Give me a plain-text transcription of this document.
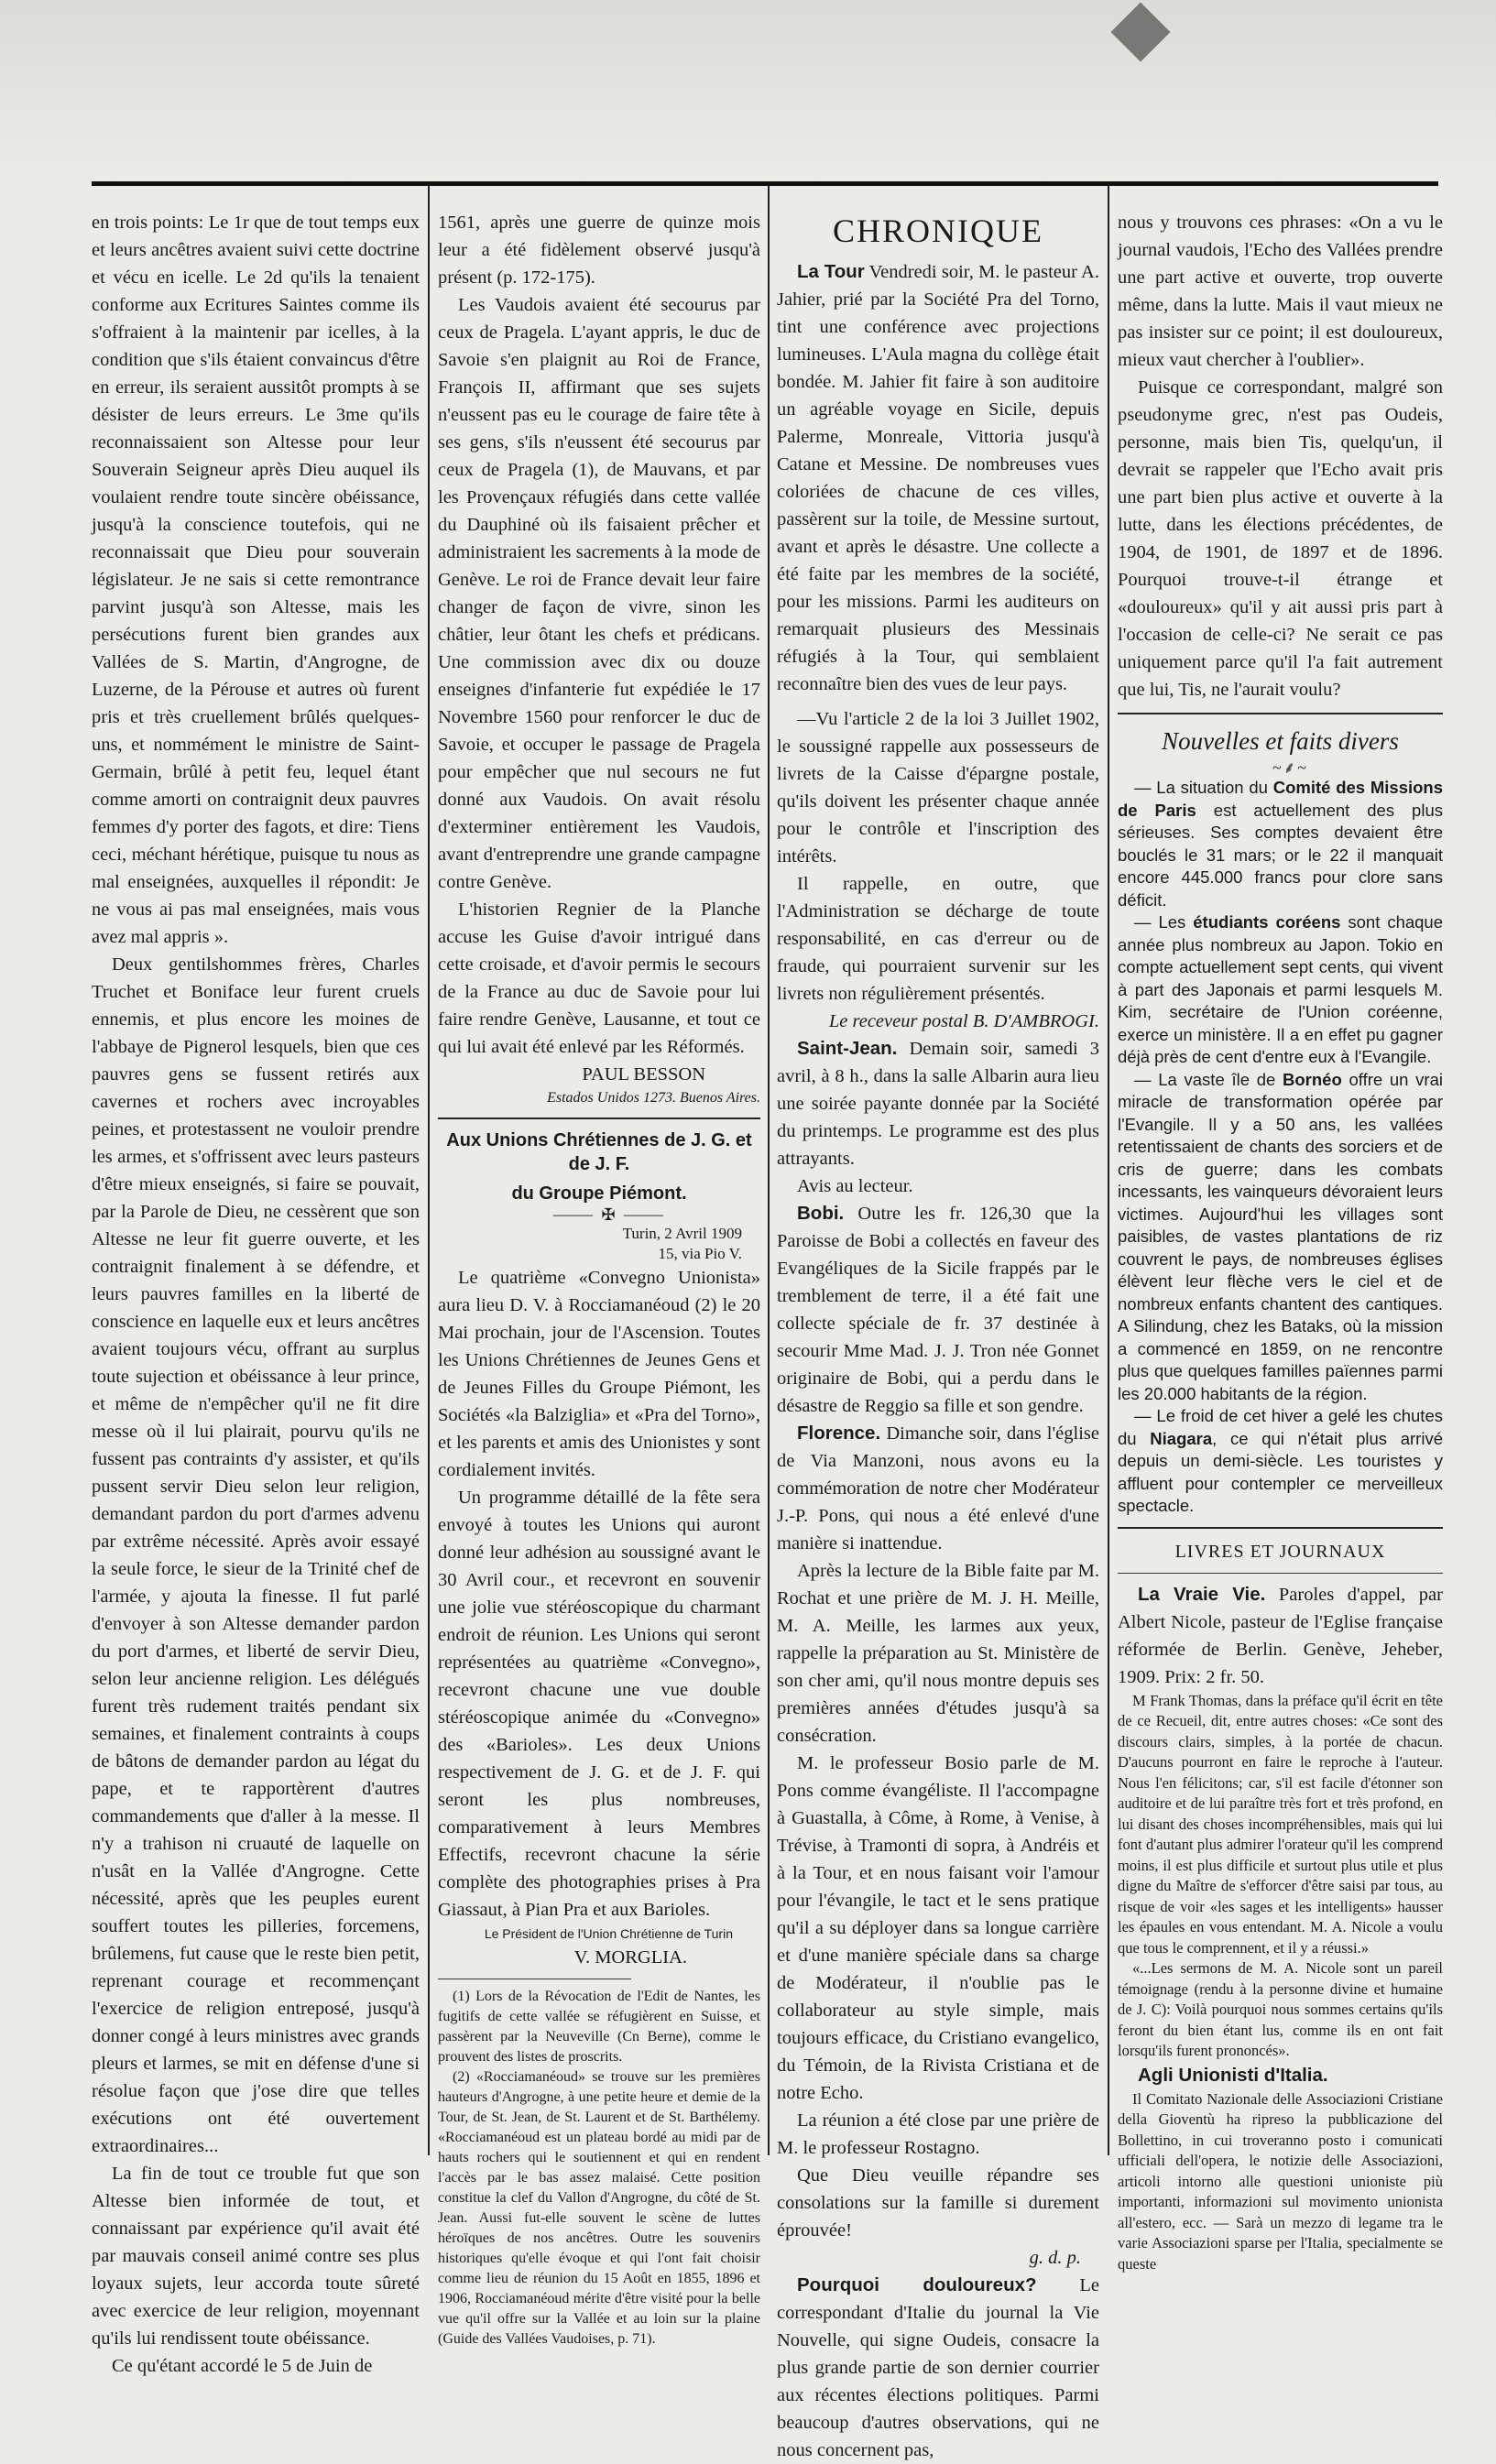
en trois points: Le 1r que de tout temps eux et leurs ancêtres avaient suivi cette doctrine et vécu en icelle. Le 2d qu'ils la tenaient conforme aux Ecritures Saintes comme ils s'offraient à la maintenir par icelles, à la condition que s'ils étaient convaincus d'être en erreur, ils seraient aussitôt prompts à se désister de leurs erreurs. Le 3me qu'ils reconnaissaient son Altesse pour leur Souverain Seigneur après Dieu auquel ils voulaient rendre toute sincère obéissance, jusqu'à la conscience toutefois, qui ne reconnaissait que Dieu pour souverain législateur. Je ne sais si cette remontrance parvint jusqu'à son Altesse, mais les persécutions furent bien grandes aux Vallées de S. Martin, d'Angrogne, de Luzerne, de la Pérouse et autres où furent pris et très cruellement brûlés quelques-uns, et nommément le ministre de Saint-Germain, brûlé à petit feu, lequel étant comme amorti on contraignit deux pauvres femmes d'y porter des fagots, et dire: Tiens ceci, méchant hérétique, puisque tu nous as mal enseignées, auxquelles il répondit: Je ne vous ai pas mal enseignées, mais vous avez mal appris ».

Deux gentilshommes frères, Charles Truchet et Boniface leur furent cruels ennemis, et plus encore les moines de l'abbaye de Pignerol lesquels, bien que ces pauvres gens se fussent retirés aux cavernes et rochers avec incroyables peines, et protestassent ne vouloir prendre les armes, et s'offrissent avec leurs pasteurs d'être mieux enseignés, si faire se pouvait, par la Parole de Dieu, ne cessèrent que son Altesse ne leur fit guerre ouverte, et les contraignit finalement à se défendre, et leurs pauvres familles en la liberté de conscience en laquelle eux et leurs ancêtres avaient toujours vécu, offrant au surplus toute sujection et obéissance à leur prince, et même de n'empêcher qu'il ne fit dire messe où il lui plairait, pourvu qu'ils ne fussent pas contraints d'y assister, et qu'ils pussent servir Dieu selon leur religion, demandant pardon du port d'armes advenu par extrême nécessité. Après avoir essayé la seule force, le sieur de la Trinité chef de l'armée, y ajouta la finesse. Il fut parlé d'envoyer à son Altesse demander pardon du port d'armes, et liberté de servir Dieu, selon leur ancienne religion. Les délégués furent très rudement traités pendant six semaines, et finalement contraints à coups de bâtons de demander pardon au légat du pape, et te rapportèrent d'autres commandements que d'aller à la messe. Il n'y a trahison ni cruauté de laquelle on n'usât en la Vallée d'Angrogne. Cette nécessité, après que les peuples eurent souffert toutes les pilleries, forcemens, brûlemens, fut cause que le reste bien petit, reprenant courage et recommençant l'exercice de religion entreposé, jusqu'à donner congé à leurs ministres avec grands pleurs et larmes, se mit en défense d'une si résolue façon que j'ose dire que telles exécutions ont été ouvertement extraordinaires...

La fin de tout ce trouble fut que son Altesse bien informée de tout, et connaissant par expérience qu'il avait été par mauvais conseil animé contre ses plus loyaux sujets, leur accorda toute sûreté avec exercice de leur religion, moyennant qu'ils lui rendissent toute obéissance.

Ce qu'étant accordé le 5 de Juin de

1561, après une guerre de quinze mois leur a été fidèlement observé jusqu'à présent (p. 172-175).

Les Vaudois avaient été secourus par ceux de Pragela. L'ayant appris, le duc de Savoie s'en plaignit au Roi de France, François II, affirmant que ses sujets n'eussent pas eu le courage de faire tête à ses gens, s'ils n'eussent été secourus par ceux de Pragela (1), de Mauvans, et par les Provençaux réfugiés dans cette vallée du Dauphiné où ils faisaient prêcher et administraient les sacrements à la mode de Genève. Le roi de France devait leur faire changer de façon de vivre, sinon les châtier, leur ôtant les chefs et prédicans. Une commission avec dix ou douze enseignes d'infanterie fut expédiée le 17 Novembre 1560 pour renforcer le duc de Savoie, et occuper le passage de Pragela pour empêcher que nul secours ne fut donné aux Vaudois. On avait résolu d'exterminer entièrement les Vaudois, avant d'entreprendre une grande campagne contre Genève.

L'historien Regnier de la Planche accuse les Guise d'avoir intrigué dans cette croisade, et d'avoir permis le secours de la France au duc de Savoie pour lui faire rendre Genève, Lausanne, et tout ce qui lui avait été enlevé par les Réformés.

PAUL BESSON

Estados Unidos 1273. Buenos Aires.

Aux Unions Chrétiennes de J. G. et de J. F.

du Groupe Piémont.

⸻ ✠ ⸻

Turin, 2 Avril 1909

15, via Pio V.

Le quatrième «Convegno Unionista» aura lieu D. V. à Rocciamanéoud (2) le 20 Mai prochain, jour de l'Ascension. Toutes les Unions Chrétiennes de Jeunes Gens et de Jeunes Filles du Groupe Piémont, les Sociétés «la Balziglia» et «Pra del Torno», et les parents et amis des Unionistes y sont cordialement invités.

Un programme détaillé de la fête sera envoyé à toutes les Unions qui auront donné leur adhésion au soussigné avant le 30 Avril cour., et recevront en souvenir une jolie vue stéréoscopique du charmant endroit de réunion. Les Unions qui seront représentées au quatrième «Convegno», recevront chacune une vue double stéréoscopique animée du «Convegno» des «Barioles». Les deux Unions respectivement de J. G. et de J. F. qui seront les plus nombreuses, comparativement à leurs Membres Effectifs, recevront chacune la série complète des photographies prises à Pra Giassaut, à Pian Pra et aux Barioles.

Le Président de l'Union Chrétienne de Turin

V. MORGLIA.

(1) Lors de la Révocation de l'Edit de Nantes, les fugitifs de cette vallée se réfugièrent en Suisse, et passèrent par la Neuveville (Cn Berne), comme le prouvent des listes de proscrits.

(2) «Rocciamanéoud» se trouve sur les premières hauteurs d'Angrogne, à une petite heure et demie de la Tour, de St. Jean, de St. Laurent et de St. Barthélemy. «Rocciamanéoud est un plateau bordé au midi par de hauts rochers qui le soutiennent et qui en rendent l'accès par le bas assez malaisé. Cette position constitue la clef du Vallon d'Angrogne, du côté de St. Jean. Aussi fut-elle souvent le scène de luttes héroïques de nos ancêtres. Outre les souvenirs historiques qu'elle évoque et qui l'ont fait choisir comme lieu de réunion du 15 Août en 1855, 1896 et 1906, Rocciamanéoud mérite d'être visité pour la belle vue qu'il offre sur la Vallée et au loin sur la plaine (Guide des Vallées Vaudoises, p. 71).

CHRONIQUE

La Tour Vendredi soir, M. le pasteur A. Jahier, prié par la Société Pra del Torno, tint une conférence avec projections lumineuses. L'Aula magna du collège était bondée. M. Jahier fit faire à son auditoire un agréable voyage en Sicile, depuis Palerme, Monreale, Vittoria jusqu'à Catane et Messine. De nombreuses vues coloriées de chacune de ces villes, passèrent sur la toile, de Messine surtout, avant et après le désastre. Une collecte a été faite par les membres de la société, pour les missions. Parmi les auditeurs on remarquait plusieurs des Messinais réfugiés à la Tour, qui semblaient reconnaître bien des vues de leur pays.

—Vu l'article 2 de la loi 3 Juillet 1902, le soussigné rappelle aux possesseurs de livrets de la Caisse d'épargne postale, qu'ils doivent les présenter chaque année pour le contrôle et l'inscription des intérêts.

Il rappelle, en outre, que l'Administration se décharge de toute responsabilité, en cas d'erreur ou de fraude, qui pourraient survenir sur les livrets non régulièrement présentés.

Le receveur postal B. D'AMBROGI.

Saint-Jean. Demain soir, samedi 3 avril, à 8 h., dans la salle Albarin aura lieu une soirée payante donnée par la Société du printemps. Le programme est des plus attrayants.

Avis au lecteur.

Bobi. Outre les fr. 126,30 que la Paroisse de Bobi a collectés en faveur des Evangéliques de la Sicile frappés par le tremblement de terre, il a été fait une collecte spéciale de fr. 37 destinée à secourir Mme Mad. J. J. Tron née Gonnet originaire de Bobi, qui a perdu dans le désastre de Reggio sa fille et son gendre.

Florence. Dimanche soir, dans l'église de Via Manzoni, nous avons eu la commémoration de notre cher Modérateur J.-P. Pons, qui nous a été enlevé d'une manière si inattendue.

Après la lecture de la Bible faite par M. Rochat et une prière de M. J. H. Meille, M. A. Meille, les larmes aux yeux, rappelle la préparation au St. Ministère de son cher ami, qu'il nous montre depuis ses premières années d'études jusqu'à sa consécration.

M. le professeur Bosio parle de M. Pons comme évangéliste. Il l'accompagne à Guastalla, à Côme, à Rome, à Venise, à Trévise, à Tramonti di sopra, à Andréis et à la Tour, et en nous faisant voir l'amour pour l'évangile, le tact et le sens pratique qu'il a su déployer dans sa longue carrière et d'une manière spéciale dans sa charge de Modérateur, il n'oublie pas le collaborateur au style simple, mais toujours efficace, du Cristiano evangelico, du Témoin, de la Rivista Cristiana et de notre Echo.

La réunion a été close par une prière de M. le professeur Rostagno.

Que Dieu veuille répandre ses consolations sur la famille si durement éprouvée!

g. d. p.

Pourquoi douloureux? Le correspondant d'Italie du journal la Vie Nouvelle, qui signe Oudeis, consacre la plus grande partie de son dernier courrier aux récentes élections politiques. Parmi beaucoup d'autres observations, qui ne nous concernent pas,

nous y trouvons ces phrases: «On a vu le journal vaudois, l'Echo des Vallées prendre une part active et ouverte, trop ouverte même, dans la lutte. Mais il vaut mieux ne pas insister sur ce point; il est douloureux, mieux vaut chercher à l'oublier».

Puisque ce correspondant, malgré son pseudonyme grec, n'est pas Oudeis, personne, mais bien Tis, quelqu'un, il devrait se rappeler que l'Echo avait pris une part bien plus active et ouverte à la lutte, dans les élections précédentes, de 1904, de 1901, de 1897 et de 1896. Pourquoi trouve-t-il étrange et «douloureux» qu'il y ait aussi pris part à l'occasion de celle-ci? Ne serait ce pas uniquement parce qu'il l'a fait autrement que lui, Tis, ne l'aurait voulu?

Nouvelles et faits divers

~⸙~

— La situation du Comité des Missions de Paris est actuellement des plus sérieuses. Ses comptes devaient être bouclés le 31 mars; or le 22 il manquait encore 445.000 francs pour clore sans déficit.

— Les étudiants coréens sont chaque année plus nombreux au Japon. Tokio en compte actuellement sept cents, qui vivent à part des Japonais et parmi lesquels M. Kim, secrétaire de l'Union coréenne, exerce un ministère. Il a en effet pu gagner déjà près de cent d'entre eux à l'Evangile.

— La vaste île de Bornéo offre un vrai miracle de transformation opérée par l'Evangile. Il y a 50 ans, les vallées retentissaient de chants des sorciers et de cris de guerre; dans les combats incessants, les vainqueurs dévoraient leurs victimes. Aujourd'hui les villages sont paisibles, de vastes plantations de riz couvrent le pays, de nombreuses églises élèvent leur flèche vers le ciel et de nombreux enfants chantent des cantiques. A Silindung, chez les Bataks, où la mission a commencé en 1859, on ne rencontre plus que quelques familles païennes parmi les 20.000 habitants de la région.

— Le froid de cet hiver a gelé les chutes du Niagara, ce qui n'était plus arrivé depuis un demi-siècle. Les touristes y affluent pour contempler ce merveilleux spectacle.

LIVRES ET JOURNAUX

La Vraie Vie. Paroles d'appel, par Albert Nicole, pasteur de l'Eglise française réformée de Berlin. Genève, Jeheber, 1909. Prix: 2 fr. 50.

M Frank Thomas, dans la préface qu'il écrit en tête de ce Recueil, dit, entre autres choses: «Ce sont des discours clairs, simples, à la portée de chacun. D'aucuns pourront en faire le reproche à l'auteur. Nous l'en félicitons; car, s'il est facile d'étonner son auditoire et de lui paraître très fort et très profond, en lui disant des choses incompréhensibles, mais qui lui font d'autant plus admirer l'orateur qu'il les comprend moins, il est plus difficile et surtout plus utile et plus digne du Maître de s'efforcer d'être saisi par tous, au risque de voir «les sages et les intelligents» hausser les épaules en vous entendant. M. A. Nicole a voulu que tous le comprennent, et il y a réussi.»

«...Les sermons de M. A. Nicole sont un pareil témoignage (rendu à la personne divine et humaine de J. C): Voilà pourquoi nous sommes certains qu'ils feront du bien étant lus, comme ils en ont fait lorsqu'ils furent prononcés».

Agli Unionisti d'Italia.

Il Comitato Nazionale delle Associazioni Cristiane della Gioventù ha ripreso la pubblicazione del Bollettino, in cui troveranno posto i comunicati ufficiali dell'opera, le notizie delle Associazioni, articoli intorno alle questioni unioniste più importanti, informazioni sul movimento unionista all'estero, ecc. — Sarà un mezzo di legame tra le varie Associazioni sparse per l'Italia, specialmente se queste
